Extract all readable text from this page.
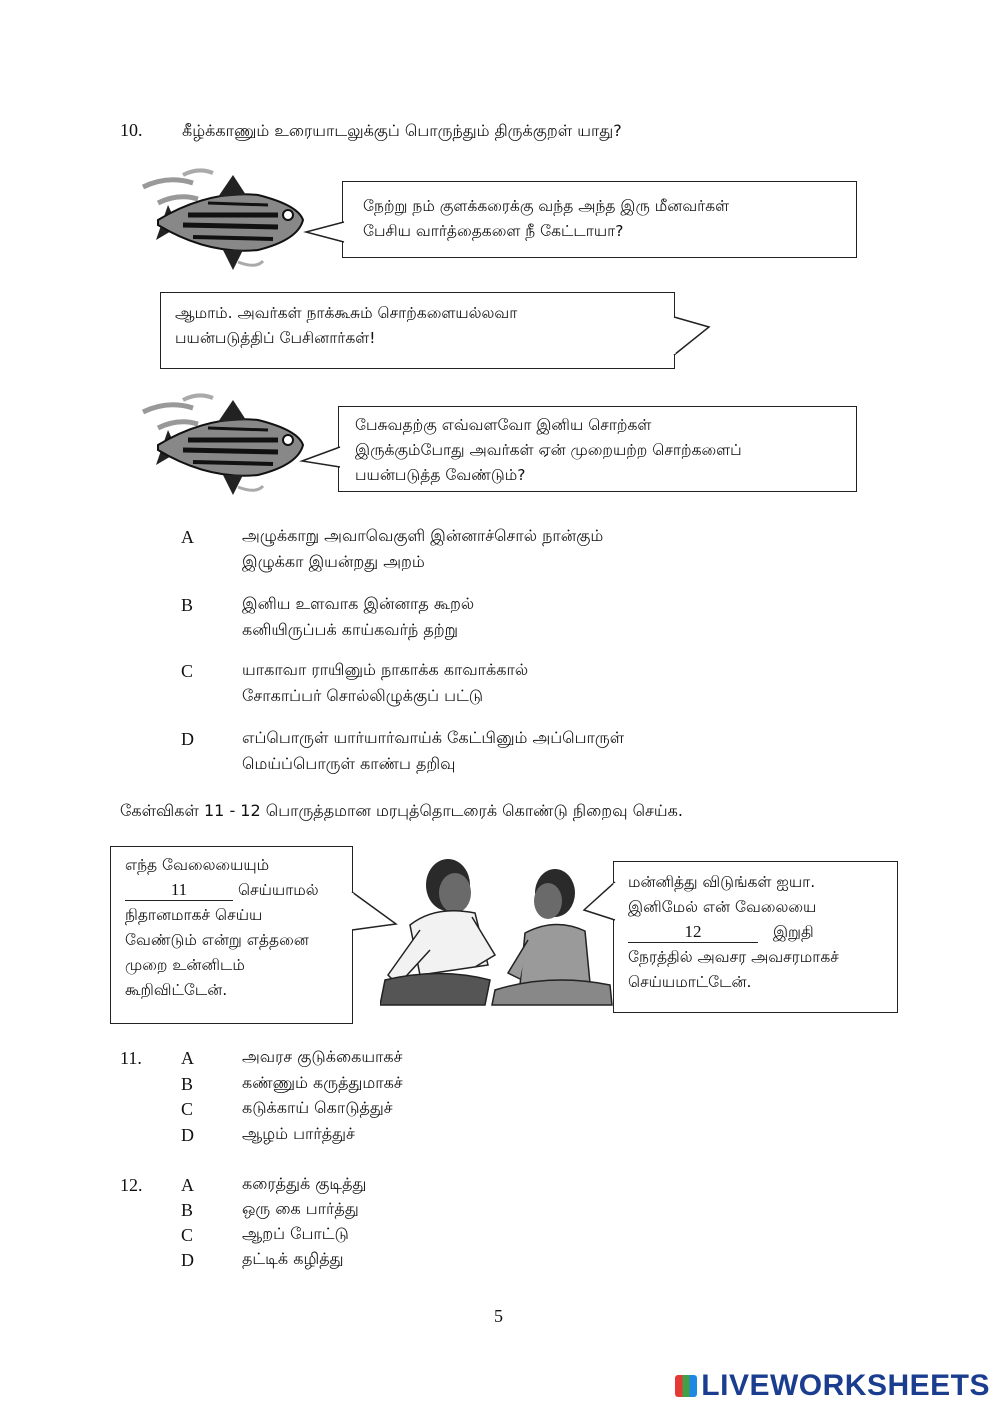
10. கீழ்க்காணும் உரையாடலுக்குப் பொருந்தும் திருக்குறள் யாது?
நேற்று நம் குளக்கரைக்கு வந்த அந்த இரு மீனவர்கள்
பேசிய வார்த்தைகளை நீ கேட்டாயா?
ஆமாம். அவர்கள் நாக்கூசும் சொற்களையல்லவா
பயன்படுத்திப் பேசினார்கள்!
பேசுவதற்கு எவ்வளவோ இனிய சொற்கள்
இருக்கும்போது அவர்கள் ஏன் முறையற்ற சொற்களைப்
பயன்படுத்த வேண்டும்?
A	அழுக்காறு அவாவெகுளி இன்னாச்சொல் நான்கும்
இழுக்கா இயன்றது அறம்
B	இனிய உளவாக இன்னாத கூறல்
கனியிருப்பக் காய்கவர்ந் தற்று
C	யாகாவா ராயினும் நாகாக்க காவாக்கால்
சோகாப்பர் சொல்லிழுக்குப் பட்டு
D	எப்பொருள் யார்யார்வாய்க் கேட்பினும் அப்பொருள்
மெய்ப்பொருள் காண்ப தறிவு
கேள்விகள் 11 - 12 பொருத்தமான மரபுத்தொடரைக் கொண்டு நிறைவு செய்க.
எந்த வேலையையும்
11	செய்யாமல்
நிதானமாகச் செய்ய
வேண்டும் என்று எத்தனை
முறை உன்னிடம்
கூறிவிட்டேன்.
மன்னித்து விடுங்கள் ஐயா.
இனிமேல் என் வேலையை
12	இறுதி
நேரத்தில் அவசர அவசரமாகச்
செய்யமாட்டேன்.
11. A	அவரச குடுக்கையாகச்
B	கண்ணும் கருத்துமாகச்
C	கடுக்காய் கொடுத்துச்
D	ஆழம் பார்த்துச்
12. A	கரைத்துக் குடித்து
B	ஒரு கை பார்த்து
C	ஆறப் போட்டு
D	தட்டிக் கழித்து
5
LIVEWORKSHEETS
